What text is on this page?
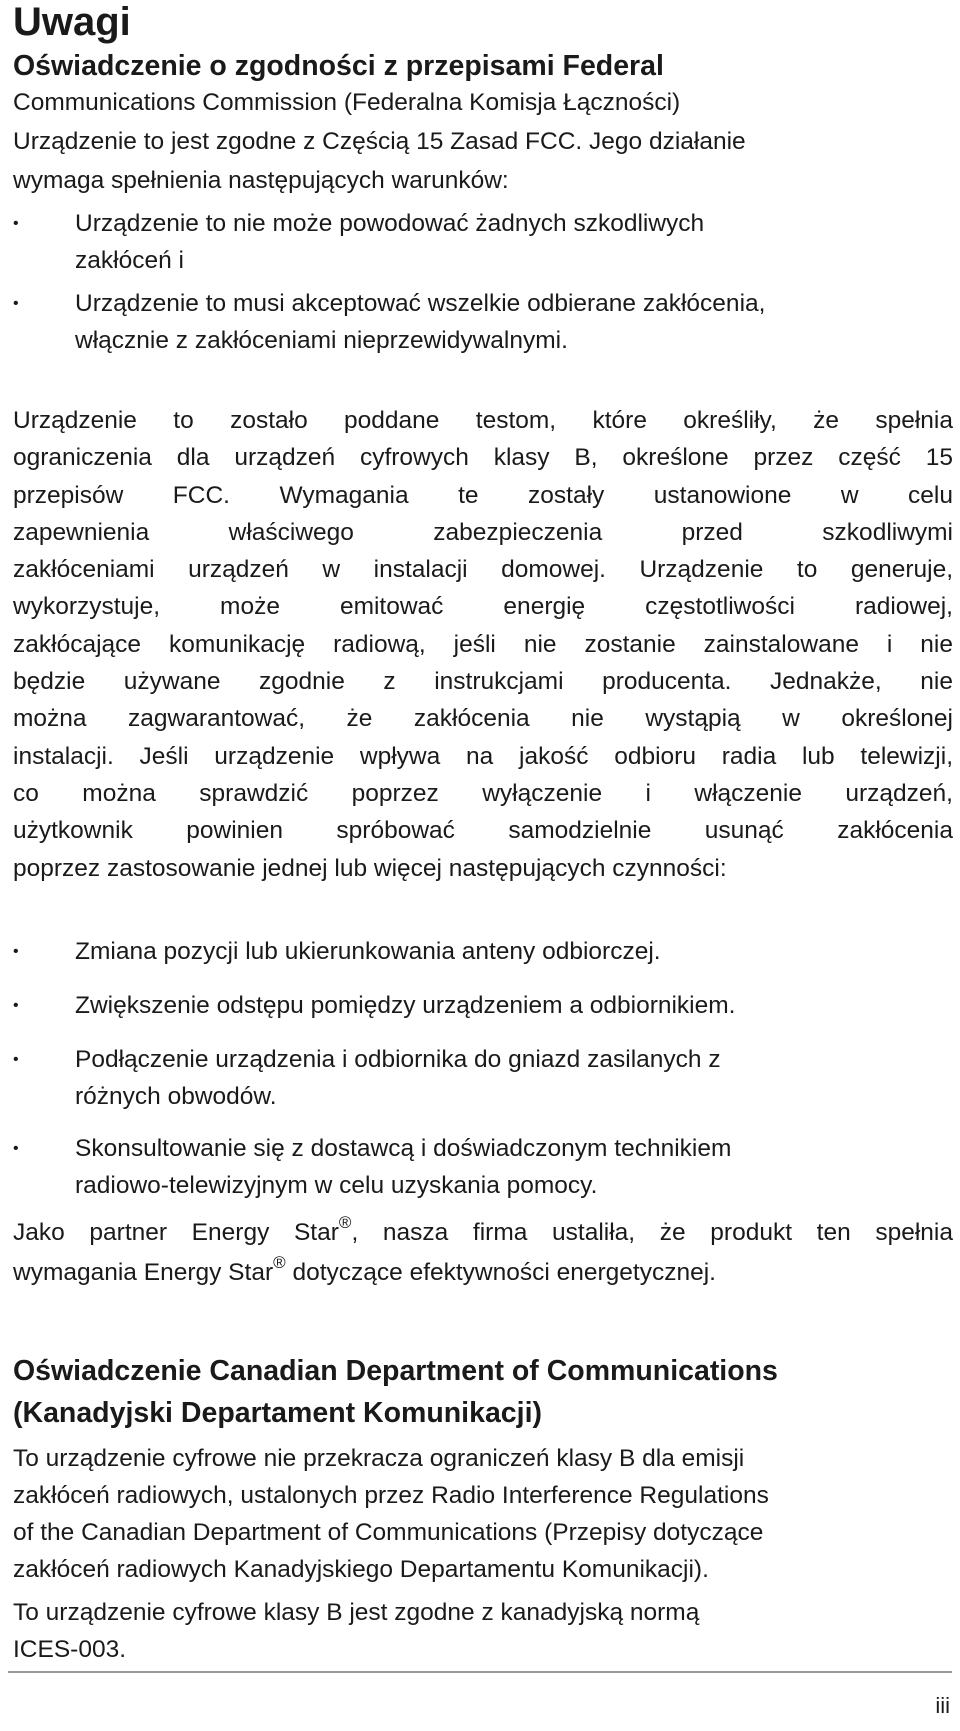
Uwagi
Oświadczenie o zgodności z przepisami Federal
Communications Commission (Federalna Komisja Łączności)
Urządzenie to jest zgodne z Częścią 15 Zasad FCC. Jego działanie
wymaga spełnienia następujących warunków:
•	Urządzenie to nie może powodować żadnych szkodliwych
zakłóceń i
•	Urządzenie to musi akceptować wszelkie odbierane zakłócenia,
włącznie z zakłóceniami nieprzewidywalnymi.
Urządzenie to zostało poddane testom, które określiły, że spełnia
ograniczenia dla urządzeń cyfrowych klasy B, określone przez część 15
przepisów FCC. Wymagania te zostały ustanowione w celu
zapewnienia właściwego zabezpieczenia przed szkodliwymi
zakłóceniami urządzeń w instalacji domowej. Urządzenie to generuje,
wykorzystuje, może emitować energię częstotliwości radiowej,
zakłócające komunikację radiową, jeśli nie zostanie zainstalowane i nie
będzie używane zgodnie z instrukcjami producenta. Jednakże, nie
można zagwarantować, że zakłócenia nie wystąpią w określonej
instalacji. Jeśli urządzenie wpływa na jakość odbioru radia lub telewizji,
co można sprawdzić poprzez wyłączenie i włączenie urządzeń,
użytkownik powinien spróbować samodzielnie usunąć zakłócenia
poprzez zastosowanie jednej lub więcej następujących czynności:
•	Zmiana pozycji lub ukierunkowania anteny odbiorczej.
•	Zwiększenie odstępu pomiędzy urządzeniem a odbiornikiem.
•	Podłączenie urządzenia i odbiornika do gniazd zasilanych z
różnych obwodów.
•	Skonsultowanie się z dostawcą i doświadczonym technikiem
radiowo-telewizyjnym w celu uzyskania pomocy.
Jako partner Energy Star®, nasza firma ustaliła, że produkt ten spełnia
wymagania Energy Star® dotyczące efektywności energetycznej.
Oświadczenie Canadian Department of Communications
(Kanadyjski Departament Komunikacji)
To urządzenie cyfrowe nie przekracza ograniczeń klasy B dla emisji
zakłóceń radiowych, ustalonych przez Radio Interference Regulations
of the Canadian Department of Communications (Przepisy dotyczące
zakłóceń radiowych Kanadyjskiego Departamentu Komunikacji).
To urządzenie cyfrowe klasy B jest zgodne z kanadyjską normą
ICES-003.
iii
